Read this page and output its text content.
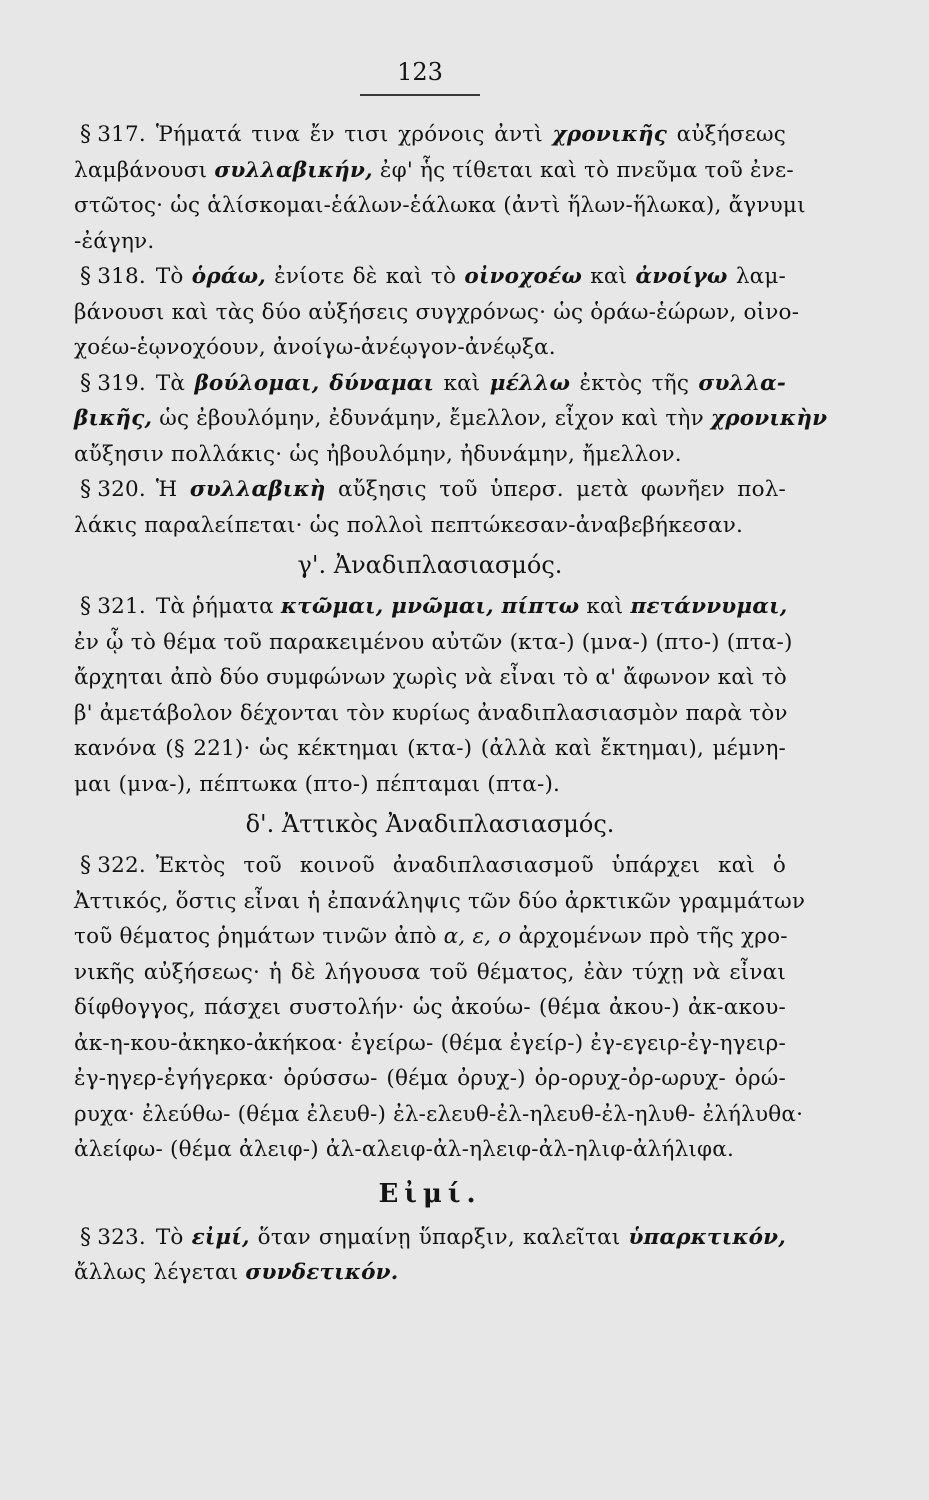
123
§ 317. Ῥήματά τινα ἔν τισι χρόνοις ἀντὶ χρονικῆς αὐξήσεως
λαμβάνουσι συλλαβικήν, ἐφ' ἧς τίθεται καὶ τὸ πνεῦμα τοῦ ἐνε-
στῶτος· ὡς ἁλίσκομαι-ἑάλων-ἑάλωκα (ἀντὶ ἥλων-ἥλωκα), ἄγνυμι
-ἐάγην.
§ 318. Τὸ ὁράω, ἐνίοτε δὲ καὶ τὸ οἰνοχοέω καὶ ἀνοίγω λαμ-
βάνουσι καὶ τὰς δύο αὐξήσεις συγχρόνως· ὡς ὁράω-ἑώρων, οἰνο-
χοέω-ἑῳνοχόουν, ἀνοίγω-ἀνέῳγον-ἀνέῳξα.
§ 319. Τὰ βούλομαι, δύναμαι καὶ μέλλω ἐκτὸς τῆς συλλα-
βικῆς, ὡς ἐβουλόμην, ἐδυνάμην, ἔμελλον, εἶχον καὶ τὴν χρονικὴν
αὔξησιν πολλάκις· ὡς ἠβουλόμην, ἠδυνάμην, ἤμελλον.
§ 320. Ἡ συλλαβικὴ αὔξησις τοῦ ὑπερσ. μετὰ φωνῆεν πολ-
λάκις παραλείπεται· ὡς πολλοὶ πεπτώκεσαν-ἀναβεβήκεσαν.
γ'. Ἀναδιπλασιασμός.
§ 321. Τὰ ῥήματα κτῶμαι, μνῶμαι, πίπτω καὶ πετάννυμαι,
ἐν ᾧ τὸ θέμα τοῦ παρακειμένου αὐτῶν (κτα-) (μνα-) (πτο-) (πτα-)
ἄρχηται ἀπὸ δύο συμφώνων χωρὶς νὰ εἶναι τὸ α' ἄφωνον καὶ τὸ
β' ἀμετάβολον δέχονται τὸν κυρίως ἀναδιπλασιασμὸν παρὰ τὸν
κανόνα (§ 221)· ὡς κέκτημαι (κτα-) (ἀλλὰ καὶ ἔκτημαι), μέμνη-
μαι (μνα-), πέπτωκα (πτο-) πέπταμαι (πτα-).
δ'. Ἀττικὸς Ἀναδιπλασιασμός.
§ 322. Ἐκτὸς τοῦ κοινοῦ ἀναδιπλασιασμοῦ ὑπάρχει καὶ ὁ
Ἀττικός, ὅστις εἶναι ἡ ἐπανάληψις τῶν δύο ἀρκτικῶν γραμμάτων
τοῦ θέματος ῥημάτων τινῶν ἀπὸ α, ε, ο ἀρχομένων πρὸ τῆς χρο-
νικῆς αὐξήσεως· ἡ δὲ λήγουσα τοῦ θέματος, ἐὰν τύχῃ νὰ εἶναι
δίφθογγος, πάσχει συστολήν· ὡς ἀκούω- (θέμα ἀκου-) ἀκ-ακου-
ἀκ-η-κου-ἀκηκο-ἀκήκοα· ἐγείρω- (θέμα ἐγείρ-) ἐγ-εγειρ-ἐγ-ηγειρ-
ἐγ-ηγερ-ἐγήγερκα· ὀρύσσω- (θέμα ὀρυχ-) ὀρ-ορυχ-ὀρ-ωρυχ- ὀρώ-
ρυχα· ἐλεύθω- (θέμα ἐλευθ-) ἐλ-ελευθ-ἐλ-ηλευθ-ἐλ-ηλυθ- ἐλήλυθα·
ἀλείφω- (θέμα ἀλειφ-) ἀλ-αλειφ-ἀλ-ηλειφ-ἀλ-ηλιφ-ἀλήλιφα.
Εἰμί.
§ 323. Τὸ εἰμί, ὅταν σημαίνῃ ὕπαρξιν, καλεῖται ὑπαρκτικόν,
ἄλλως λέγεται συνδετικόν.
